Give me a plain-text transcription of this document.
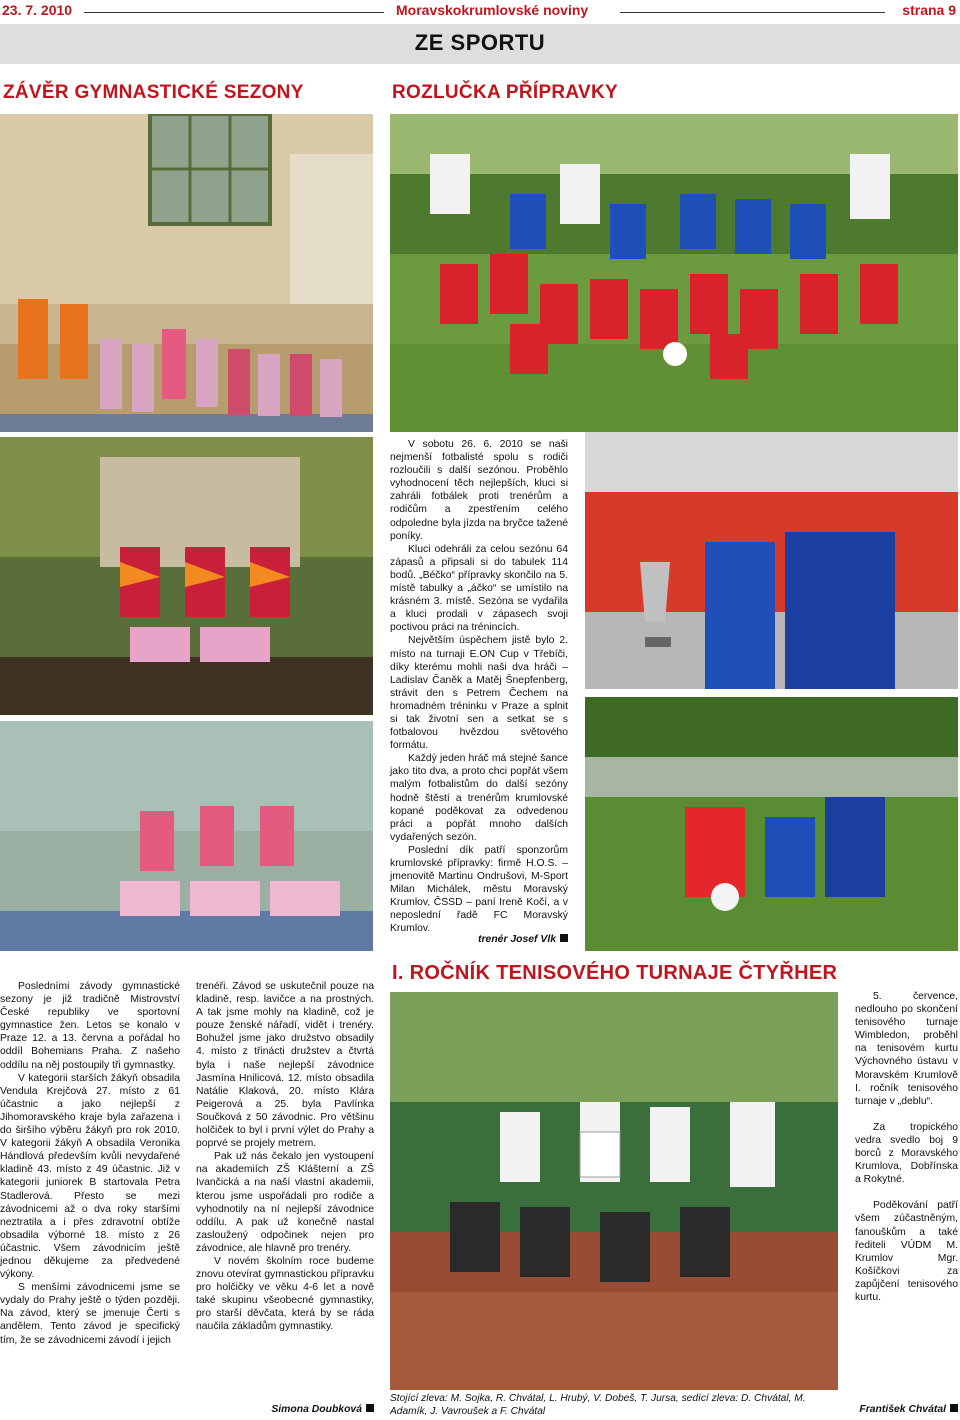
23. 7. 2010	Moravskokrumlovské noviny	strana 9
ZE SPORTU
ZÁVĚR GYMNASTICKÉ SEZONY	ROZLUČKA PŘÍPRAVKY

V sobotu 26. 6. 2010 se naši nejmenší fotbalisté spolu s rodiči rozloučili s další sezónou. Proběhlo vyhodnocení těch nejlepších, kluci si zahráli fotbálek proti trenérům a rodičům a zpestřením celého odpoledne byla jízda na bryčce tažené poníky.

Kluci odehráli za celou sezónu 64 zápasů a připsali si do tabulek 114 bodů. „Béčko“ přípravky skončilo na 5. místě tabulky a „áčko“ se umístilo na krásném 3. místě. Sezóna se vydařila a kluci prodali v zápasech svoji poctivou práci na trénincích.

Největším úspěchem jistě bylo 2. místo na turnaji E.ON Cup v Třebíči, díky kterému mohli naši dva hráči – Ladislav Čaněk a Matěj Šnepfenberg, strávit den s Petrem Čechem na hromadném tréninku v Praze a splnit si tak životní sen a setkat se s fotbalovou hvězdou světového formátu.

Každý jeden hráč má stejné šance jako tito dva, a proto chci popřát všem malým fotbalistům do další sezóny hodně štěstí a trenérům krumlovské kopané poděkovat za odvedenou práci a popřát mnoho dalších vydařených sezón.

Poslední dík patří sponzorům krumlovské přípravky: firmě H.O.S. – jmenovitě Martinu Ondrušovi, M-Sport Milan Michálek, městu Moravský Krumlov, ČSSD – paní Ireně Kočí, a v neposlední řadě FC Moravský Krumlov.

trenér Josef Vlk

Posledními závody gymnastické sezony je již tradičně Mistrovství České republiky ve sportovní gymnastice žen. Letos se konalo v Praze 12. a 13. června a pořádal ho oddíl Bohemians Praha. Z našeho oddílu na něj postoupily tři gymnastky.

V kategorii starších žákyň obsadila Vendula Krejčová 27. místo z 61 účastnic a jako nejlepší z Jihomoravského kraje byla zařazena i do širšího výběru žákyň pro rok 2010. V kategorii žákyň A obsadila Veronika Hándlová především kvůli nevydařené kladině 43. místo z 49 účastnic. Již v kategorii juniorek B startovala Petra Stadlerová. Přesto se mezi závodnicemi až o dva roky staršími neztratila a i přes zdravotní obtíže obsadila výborné 18. místo z 26 účastnic. Všem závodnicím ještě jednou děkujeme za předvedené výkony.

S menšími závodnicemi jsme se vydaly do Prahy ještě o týden později. Na závod, který se jmenuje Čerti s andělem. Tento závod je specifický tím, že se závodnicemi závodí i jejich

trenéři. Závod se uskutečnil pouze na kladině, resp. lavičce a na prostných. A tak jsme mohly na kladině, což je pouze ženské nářadí, vidět i trenéry. Bohužel jsme jako družstvo obsadily 4. místo z třinácti družstev a čtvrtá byla i naše nejlepší závodnice Jasmína Hnilicová. 12. místo obsadila Natálie Klaková, 20. místo Klára Peigerová a 25. byla Pavlínka Součková z 50 závodnic. Pro většinu holčiček to byl i první výlet do Prahy a poprvé se projely metrem.

Pak už nás čekalo jen vystoupení na akademiích ZŠ Klášterní a ZŠ Ivančická a na naší vlastní akademii, kterou jsme uspořádali pro rodiče a vyhodnotily na ní nejlepší závodnice oddílu. A pak už konečně nastal zasloužený odpočinek nejen pro závodnice, ale hlavně pro trenéry.

V novém školním roce budeme znovu otevírat gymnastickou přípravku pro holčičky ve věku 4-6 let a nově také skupinu všeobecné gymnastiky, pro starší děvčata, která by se ráda naučila základům gymnastiky.

Simona Doubková
I. ROČNÍK TENISOVÉHO TURNAJE ČTYŘHER

5. července, nedlouho po skončení tenisového turnaje Wimbledon, proběhl na tenisovém kurtu Výchovného ústavu v Moravském Krumlově I. ročník tenisového turnaje v „deblu“.

Za tropického vedra svedlo boj 9 borců z Moravského Krumlova, Dobřínska a Rokytné.

Poděkování patří všem zúčastněným, fanouškům a také řediteli VÚDM M. Krumlov Mgr. Košíčkovi za zapůjčení tenisového kurtu.

Stojící zleva: M. Sojka, R. Chvátal, L. Hrubý, V. Dobeš, T. Jursa, sedící zleva: D. Chvátal, M. Adamík, J. Vavroušek a F. Chvátal	František Chvátal
